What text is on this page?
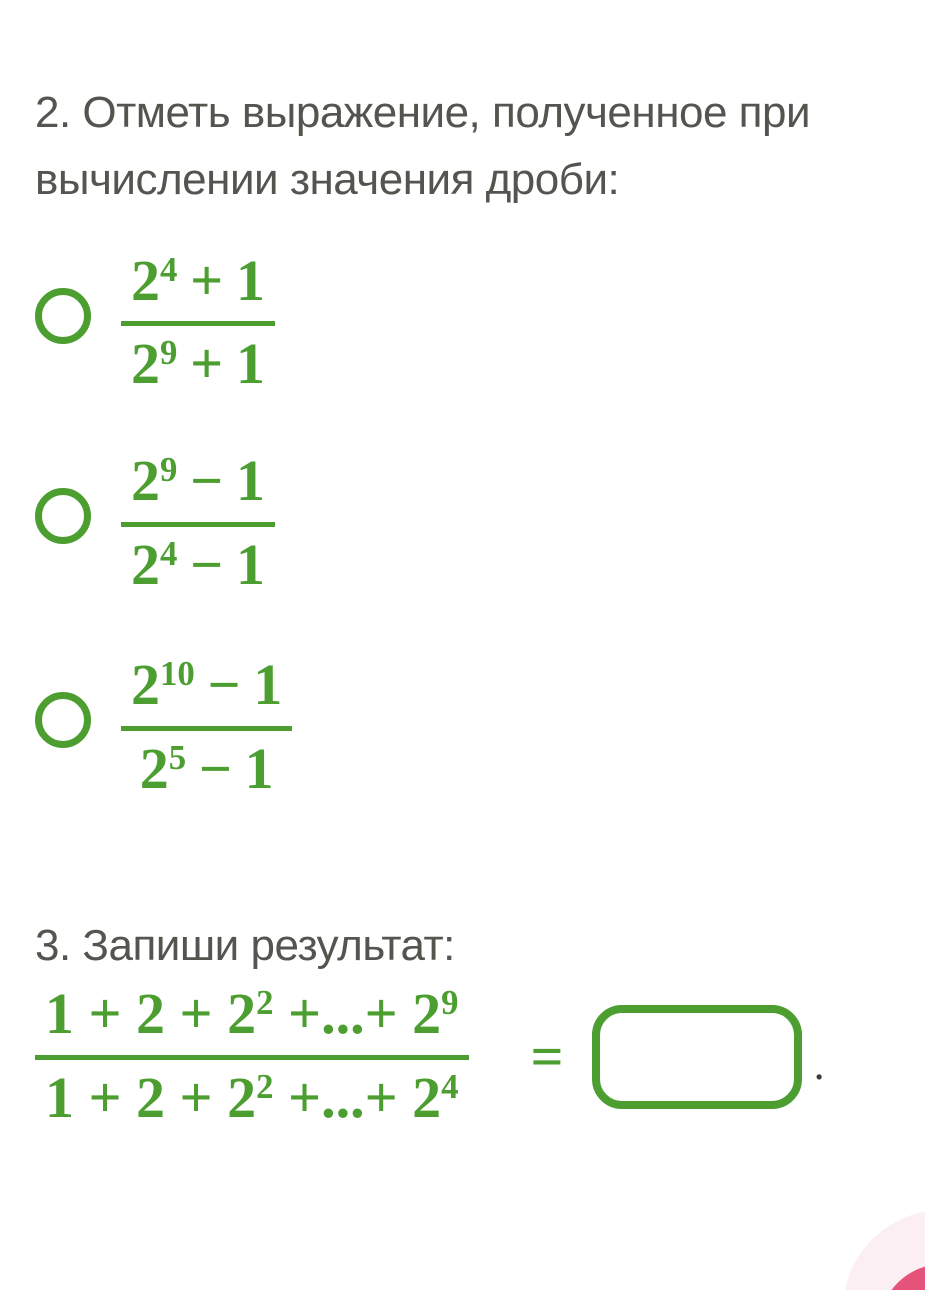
2. Отметь выражение, полученное при вычислении значения дроби:
$\frac{2^4 + 1}{2^9 + 1}$
$\frac{2^9 - 1}{2^4 - 1}$
$\frac{2^{10} - 1}{2^5 - 1}$
3. Запиши результат:
$\frac{1 + 2 + 2^2 +...+ 2^9}{1 + 2 + 2^2 +...+ 2^4}$ =	.
